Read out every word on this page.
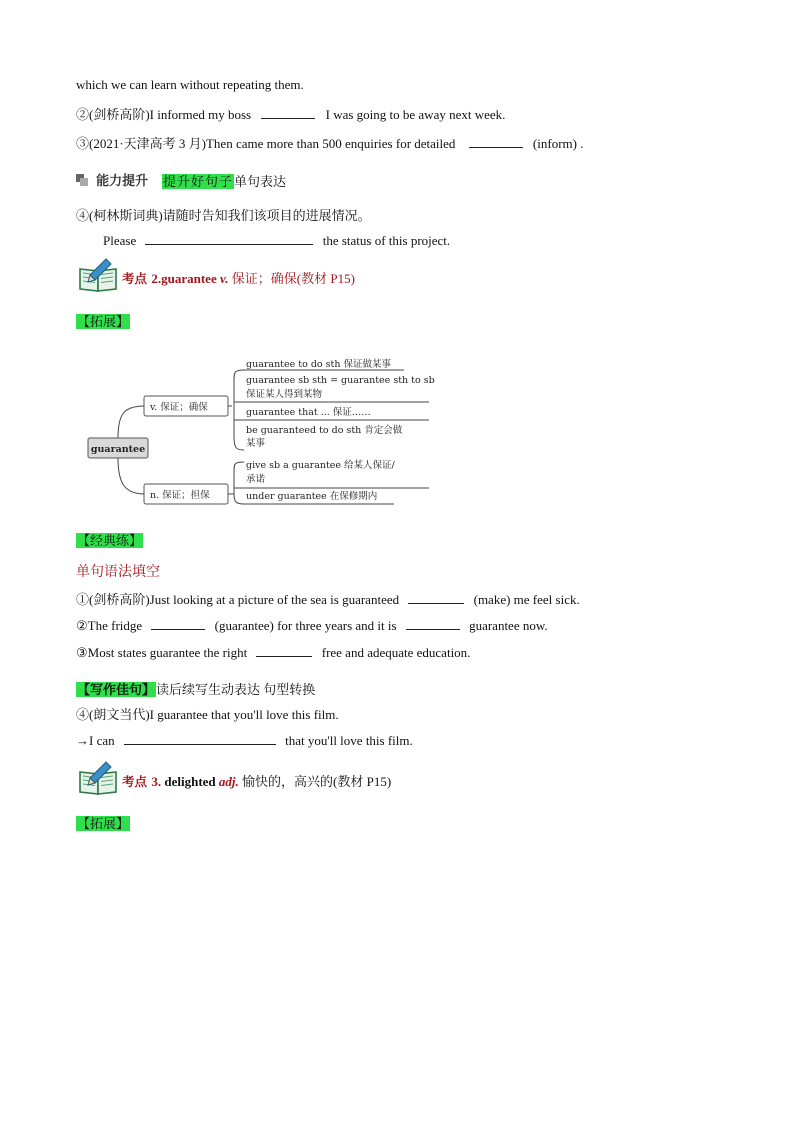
which we can learn without repeating them.
②(剑桥高阶)I informed my boss	I was going to be away next week.
③(2021·天津高考 3 月)Then came more than 500 enquiries for detailed	(inform) .
能力提升 提升好句子单句表达
④(柯林斯词典)请随时告知我们该项目的进展情况。
Please	the status of this project.
考点 2.guarantee v. 保证；确保(教材 P15)
【拓展】
guarantee
v. 保证；确保
n. 保证；担保
guarantee to do sth 保证做某事
guarantee sb sth = guarantee sth to sb
保证某人得到某物
guarantee that ... 保证……
be guaranteed to do sth 肯定会做
某事
give sb a guarantee 给某人保证/
承诺
under guarantee 在保修期内
【经典练】
单句语法填空
①(剑桥高阶)Just looking at a picture of the sea is guaranteed	(make) me feel sick.
②The fridge	(guarantee) for three years and it is	guarantee now.
③Most states guarantee the right	free and adequate education.
【写作佳句】读后续写生动表达 句型转换
④(朗文当代)I guarantee that you'll love this film.
→I can	that you'll love this film.
考点 3. delighted adj. 愉快的，高兴的(教材 P15)
【拓展】
